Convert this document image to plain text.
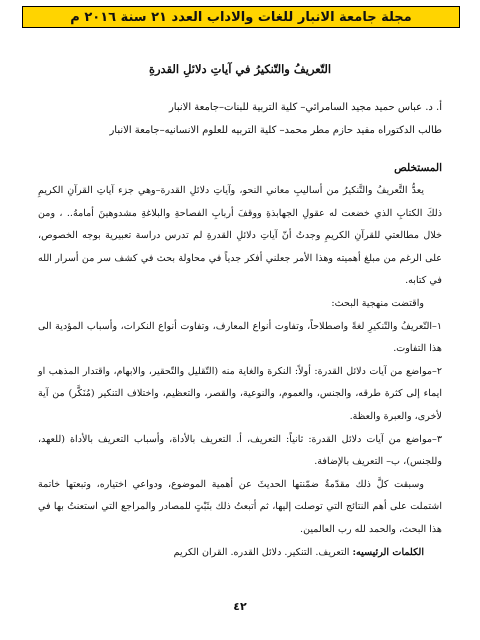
مجلة جامعة الانبار للغات والاداب العدد ٢١ سنة ٢٠١٦ م
التّعريفُ والتّنكيرُ في آياتِ دلائلِ القدرةِ
أ. د. عباس حميد مجيد السامرائي– كلية التربية للبنات–جامعة الانبار
طالب الدكتوراه مفيد حازم مطر محمد– كلية التربيه للعلوم الانسانيه–جامعة الانبار
المستخلص

يعدُّ التَّعريفُ والتَّنكيرُ من أساليبِ معاني النحو، وآياتِ دلائلِ القدرة–وهي جزء آياتِ القرآنِ الكريمِ ذلكَ الكتابِ الذي خضعت له عقولِ الجهابذةِ ووقفَ أربابِ الفصاحةِ والبلاغةِ مشدوهينَ أمامهُ.. ، ومن خلال مطالعتي للقرآنِ الكريمِ وجدتُ أنّ آياتِ دلائلِ القدرةِ لم تدرس دراسة تعبيرية بوجه الخصوص، على الرغم من مبلغ أهميته وهذا الأمر جعلني أفكر جدياً في محاولة بحث في كشف سر من أسرار الله في كتابه.

واقتضت منهجية البحث:

١–التّعريفُ والتّنكيرِ لغةً واصطلاحاً، وتفاوت أنواع المعارف، وتفاوت أنواع النكرات، وأسباب المؤدية الى هذا التفاوت.

٢–مواضع من آيات دلائل القدرة: أولاً: النكرة والغاية منه (التّقليل والتّحقير، والابهام، واقتدار المذهب او ايماء إلى كثرة طرقه، والجنس، والعموم، والنوعية، والقصر، والتعظيم، واختلاف التنكير (مُنَكَّر) من آية لأخرى، والعبرة والعظة.

٣–مواضع من آيات دلائل القدرة: ثانياً: التعريف، أ. التعريف بالأداة، وأسباب التعريف بالأداة (للعهد، وللجنس)، ب– التعريف بالإضافة.

وسبقت كلَّ ذلك مقدّمةٌ ضمّنتها الحديثَ عن أهمية الموضوع، ودواعي اختياره، وتبعتها خاتمة اشتملت على أهم النتائج التي توصلت إليها، ثم أتبعتُ ذلك بثَبْتٍ للمصادر والمراجع التي استعنتُ بها في هذا البحث، والحمد لله رب العالمين.

الكلمات الرئيسيه: التعريف. التنكير. دلائل القدره. القران الكريم

٤٢
